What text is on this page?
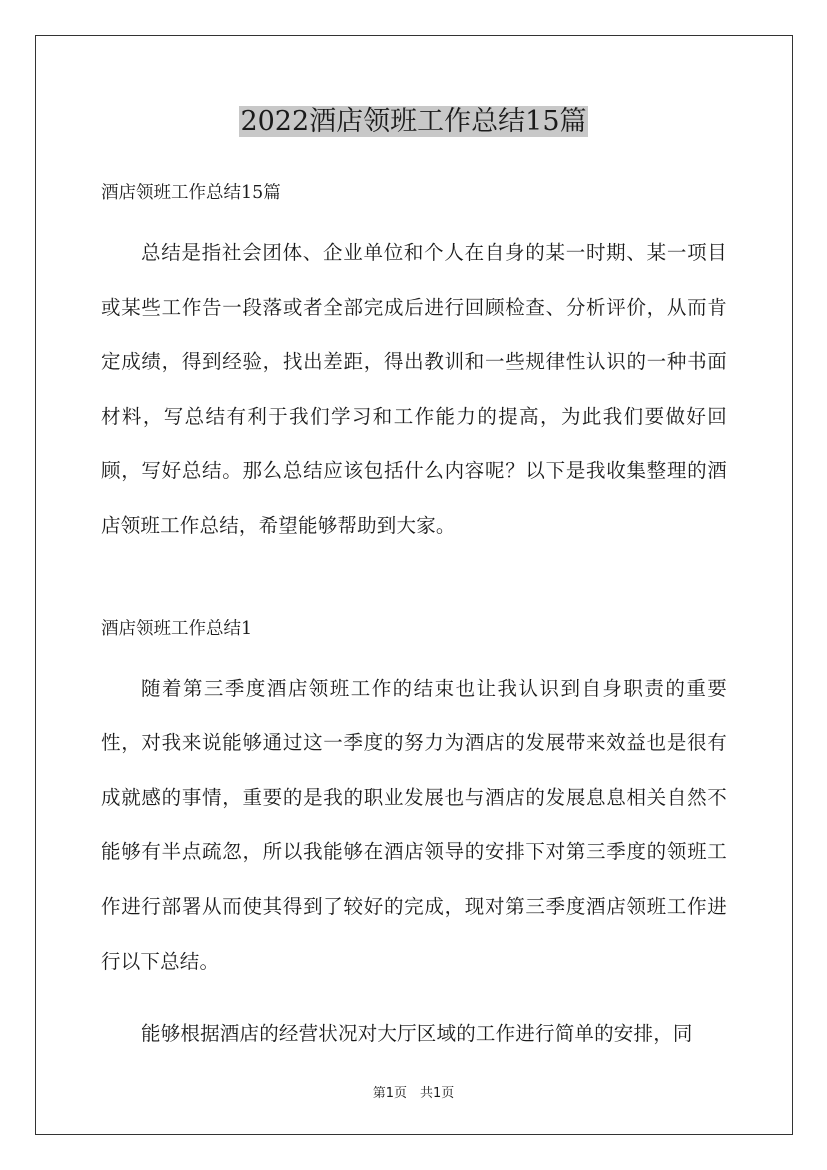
2022酒店领班工作总结15篇

酒店领班工作总结15篇

总结是指社会团体、企业单位和个人在自身的某一时期、某一项目或某些工作告一段落或者全部完成后进行回顾检查、分析评价，从而肯定成绩，得到经验，找出差距，得出教训和一些规律性认识的一种书面材料，写总结有利于我们学习和工作能力的提高，为此我们要做好回顾，写好总结。那么总结应该包括什么内容呢？以下是我收集整理的酒店领班工作总结，希望能够帮助到大家。

酒店领班工作总结1

随着第三季度酒店领班工作的结束也让我认识到自身职责的重要性，对我来说能够通过这一季度的努力为酒店的发展带来效益也是很有成就感的事情，重要的是我的职业发展也与酒店的发展息息相关自然不能够有半点疏忽，所以我能够在酒店领导的安排下对第三季度的领班工作进行部署从而使其得到了较好的完成，现对第三季度酒店领班工作进行以下总结。

能够根据酒店的经营状况对大厅区域的工作进行简单的安排，同

第1页　共1页
